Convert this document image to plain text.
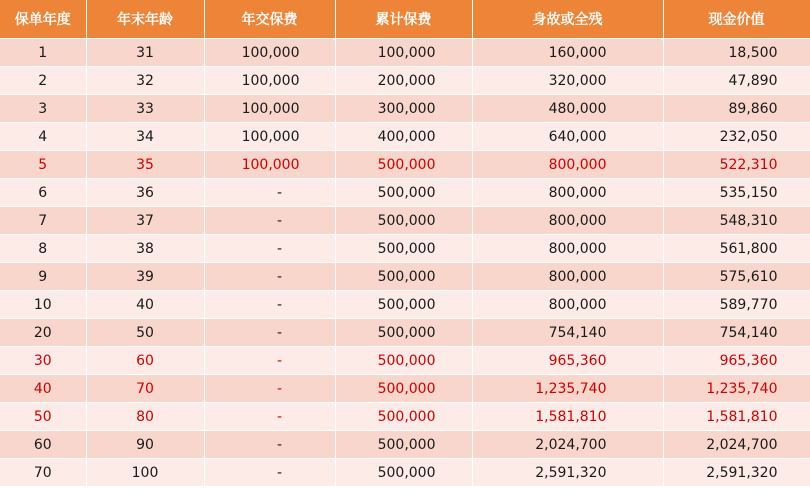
保单年度	年末年龄	年交保费	累计保费	身故或全残	现金价值
1	31	100,000	100,000	160,000	18,500
2	32	100,000	200,000	320,000	47,890
3	33	100,000	300,000	480,000	89,860
4	34	100,000	400,000	640,000	232,050
5	35	100,000	500,000	800,000	522,310
6	36	-	500,000	800,000	535,150
7	37	-	500,000	800,000	548,310
8	38	-	500,000	800,000	561,800
9	39	-	500,000	800,000	575,610
10	40	-	500,000	800,000	589,770
20	50	-	500,000	754,140	754,140
30	60	-	500,000	965,360	965,360
40	70	-	500,000	1,235,740	1,235,740
50	80	-	500,000	1,581,810	1,581,810
60	90	-	500,000	2,024,700	2,024,700
70	100	-	500,000	2,591,320	2,591,320
